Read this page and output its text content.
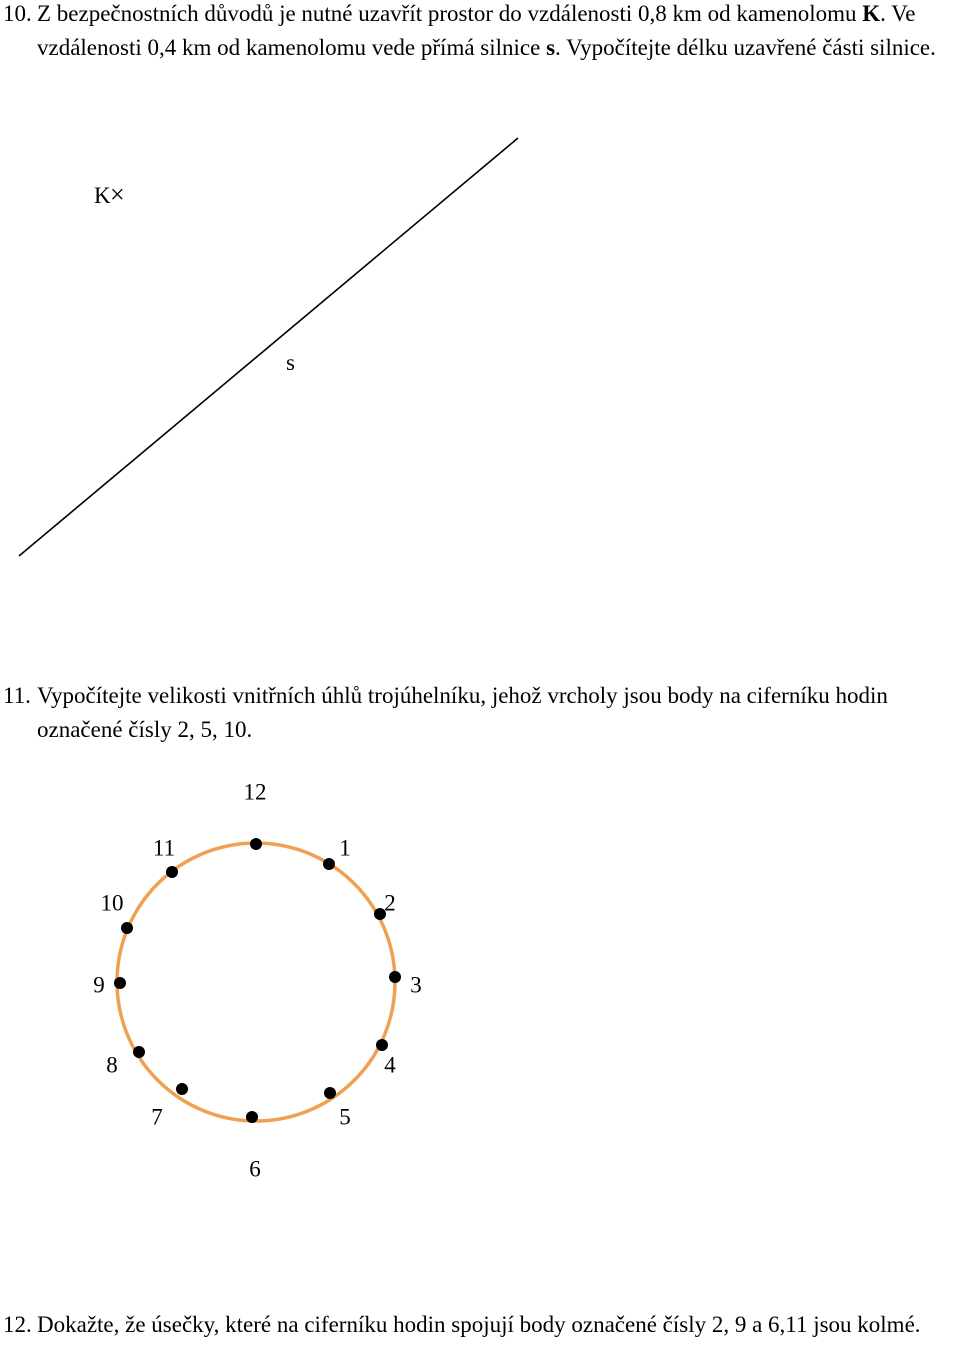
10. Z bezpečnostních důvodů je nutné uzavřít prostor do vzdálenosti 0,8 km od kamenolomu K. Ve vzdálenosti 0,4 km od kamenolomu vede přímá silnice s. Vypočítejte délku uzavřené části silnice.

K ×
s
11. Vypočítejte velikosti vnitřních úhlů trojúhelníku, jehož vrcholy jsou body na ciferníku hodin označené čísly 2, 5, 10.

12
1
2
3
4
5
6
7
8
9
10
11
12. Dokažte, že úsečky, které na ciferníku hodin spojují body označené čísly 2, 9 a 6,11 jsou kolmé.
